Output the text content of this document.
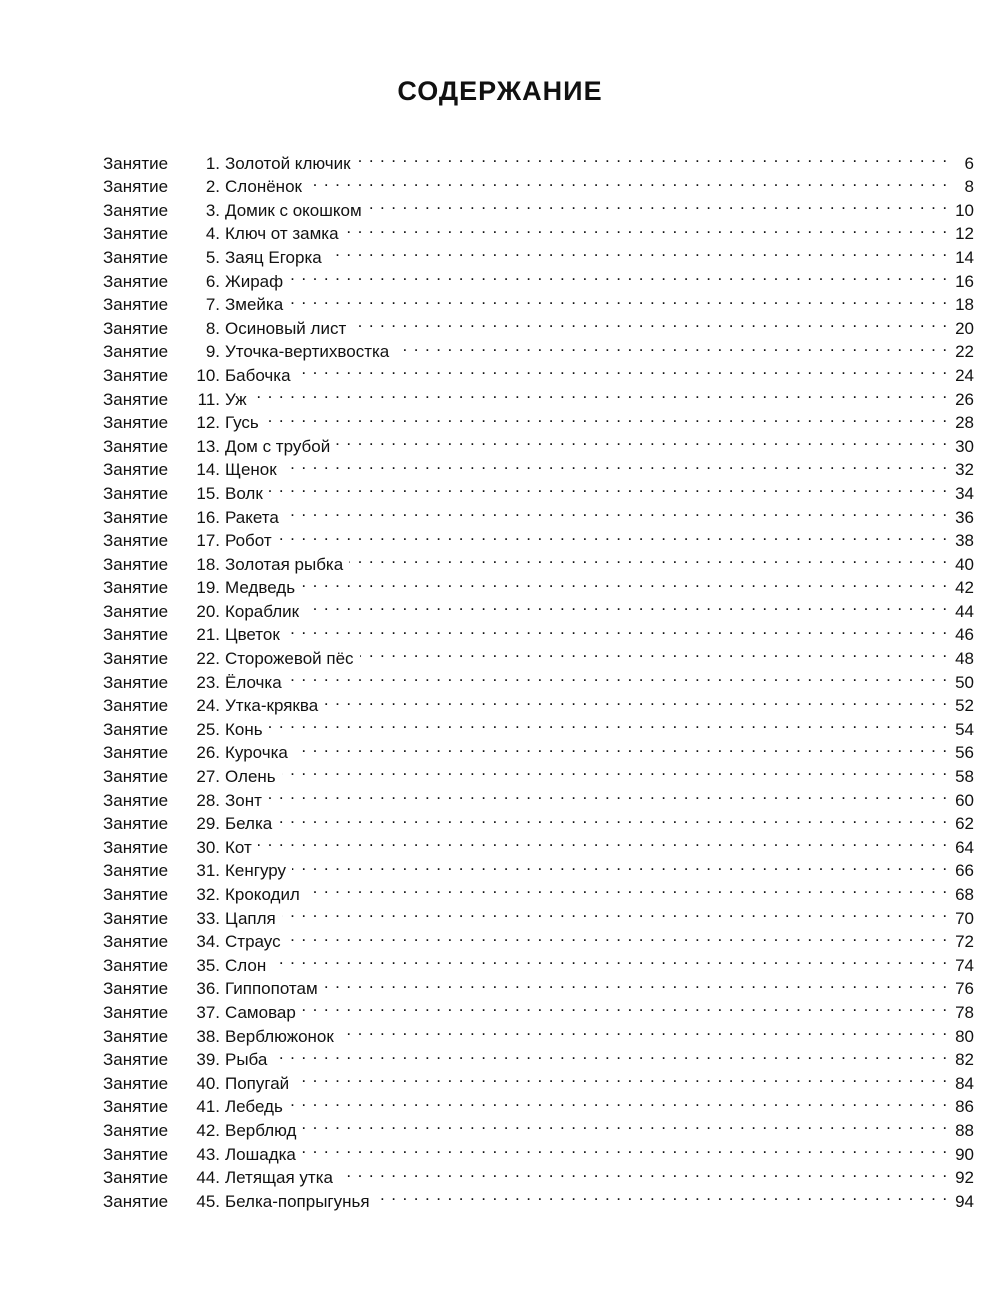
СОДЕРЖАНИЕ
Занятие	1. Золотой ключик . . .	6
Занятие	2. Слонёнок . . .	8
Занятие	3. Домик с окошком . . .	10
Занятие	4. Ключ от замка . . .	12
Занятие	5. Заяц Егорка . . .	14
Занятие	6. Жираф . . .	16
Занятие	7. Змейка . . .	18
Занятие	8. Осиновый лист . . .	20
Занятие	9. Уточка-вертихвостка . . .	22
Занятие	10. Бабочка . . .	24
Занятие	11. Уж . . .	26
Занятие	12. Гусь . . .	28
Занятие	13. Дом с трубой . . .	30
Занятие	14. Щенок . . .	32
Занятие	15. Волк . . .	34
Занятие	16. Ракета . . .	36
Занятие	17. Робот . . .	38
Занятие	18. Золотая рыбка . . .	40
Занятие	19. Медведь . . .	42
Занятие	20. Кораблик . . .	44
Занятие	21. Цветок . . .	46
Занятие	22. Сторожевой пёс . . .	48
Занятие	23. Ёлочка . . .	50
Занятие	24. Утка-кряква . . .	52
Занятие	25. Конь . . .	54
Занятие	26. Курочка . . .	56
Занятие	27. Олень . . .	58
Занятие	28. Зонт . . .	60
Занятие	29. Белка . . .	62
Занятие	30. Кот . . .	64
Занятие	31. Кенгуру . . .	66
Занятие	32. Крокодил . . .	68
Занятие	33. Цапля . . .	70
Занятие	34. Страус . . .	72
Занятие	35. Слон . . .	74
Занятие	36. Гиппопотам . . .	76
Занятие	37. Самовар . . .	78
Занятие	38. Верблюжонок . . .	80
Занятие	39. Рыба . . .	82
Занятие	40. Попугай . . .	84
Занятие	41. Лебедь . . .	86
Занятие	42. Верблюд . . .	88
Занятие	43. Лошадка . . .	90
Занятие	44. Летящая утка . . .	92
Занятие	45. Белка-попрыгунья . . .	94
